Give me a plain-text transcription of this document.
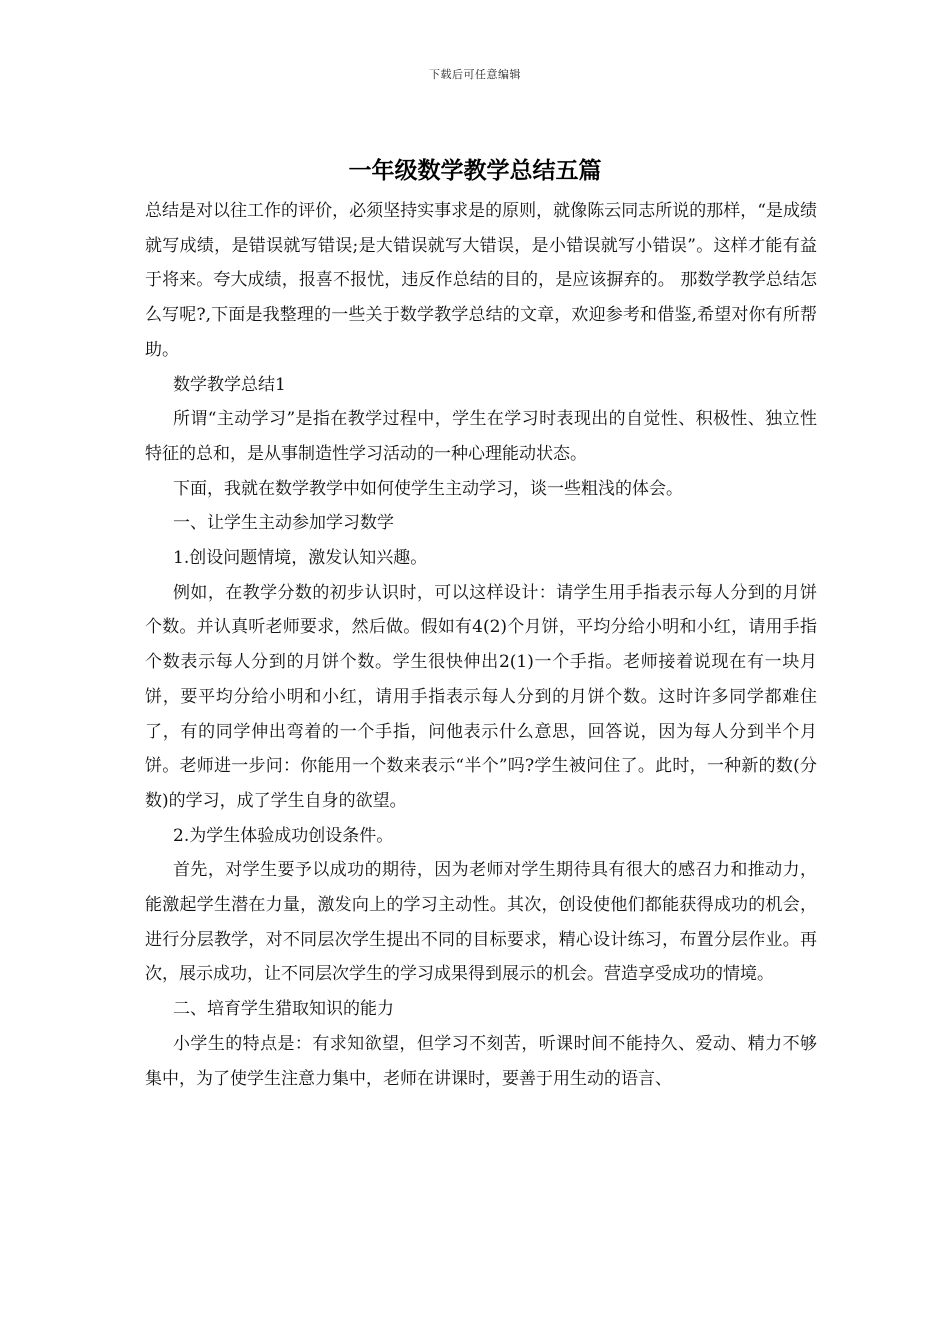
下载后可任意编辑
一年级数学教学总结五篇

总结是对以往工作的评价，必须坚持实事求是的原则，就像陈云同志所说的那样，“是成绩就写成绩，是错误就写错误;是大错误就写大错误，是小错误就写小错误”。这样才能有益于将来。夸大成绩，报喜不报忧，违反作总结的目的，是应该摒弃的。 那数学教学总结怎么写呢?,下面是我整理的一些关于数学教学总结的文章，欢迎参考和借鉴,希望对你有所帮助。

数学教学总结1

所谓“主动学习”是指在教学过程中，学生在学习时表现出的自觉性、积极性、独立性特征的总和，是从事制造性学习活动的一种心理能动状态。

下面，我就在数学教学中如何使学生主动学习，谈一些粗浅的体会。

一、让学生主动参加学习数学

1.创设问题情境，激发认知兴趣。

例如，在教学分数的初步认识时，可以这样设计：请学生用手指表示每人分到的月饼个数。并认真听老师要求，然后做。假如有4(2)个月饼，平均分给小明和小红，请用手指个数表示每人分到的月饼个数。学生很快伸出2(1)一个手指。老师接着说现在有一块月饼，要平均分给小明和小红，请用手指表示每人分到的月饼个数。这时许多同学都难住了，有的同学伸出弯着的一个手指，问他表示什么意思，回答说，因为每人分到半个月饼。老师进一步问：你能用一个数来表示“半个”吗?学生被问住了。此时，一种新的数(分数)的学习，成了学生自身的欲望。

2.为学生体验成功创设条件。

首先，对学生要予以成功的期待，因为老师对学生期待具有很大的感召力和推动力，能激起学生潜在力量，激发向上的学习主动性。其次，创设使他们都能获得成功的机会，进行分层教学，对不同层次学生提出不同的目标要求，精心设计练习，布置分层作业。再次，展示成功，让不同层次学生的学习成果得到展示的机会。营造享受成功的情境。

二、培育学生猎取知识的能力

小学生的特点是：有求知欲望，但学习不刻苦，听课时间不能持久、爱动、精力不够集中，为了使学生注意力集中，老师在讲课时，要善于用生动的语言、
